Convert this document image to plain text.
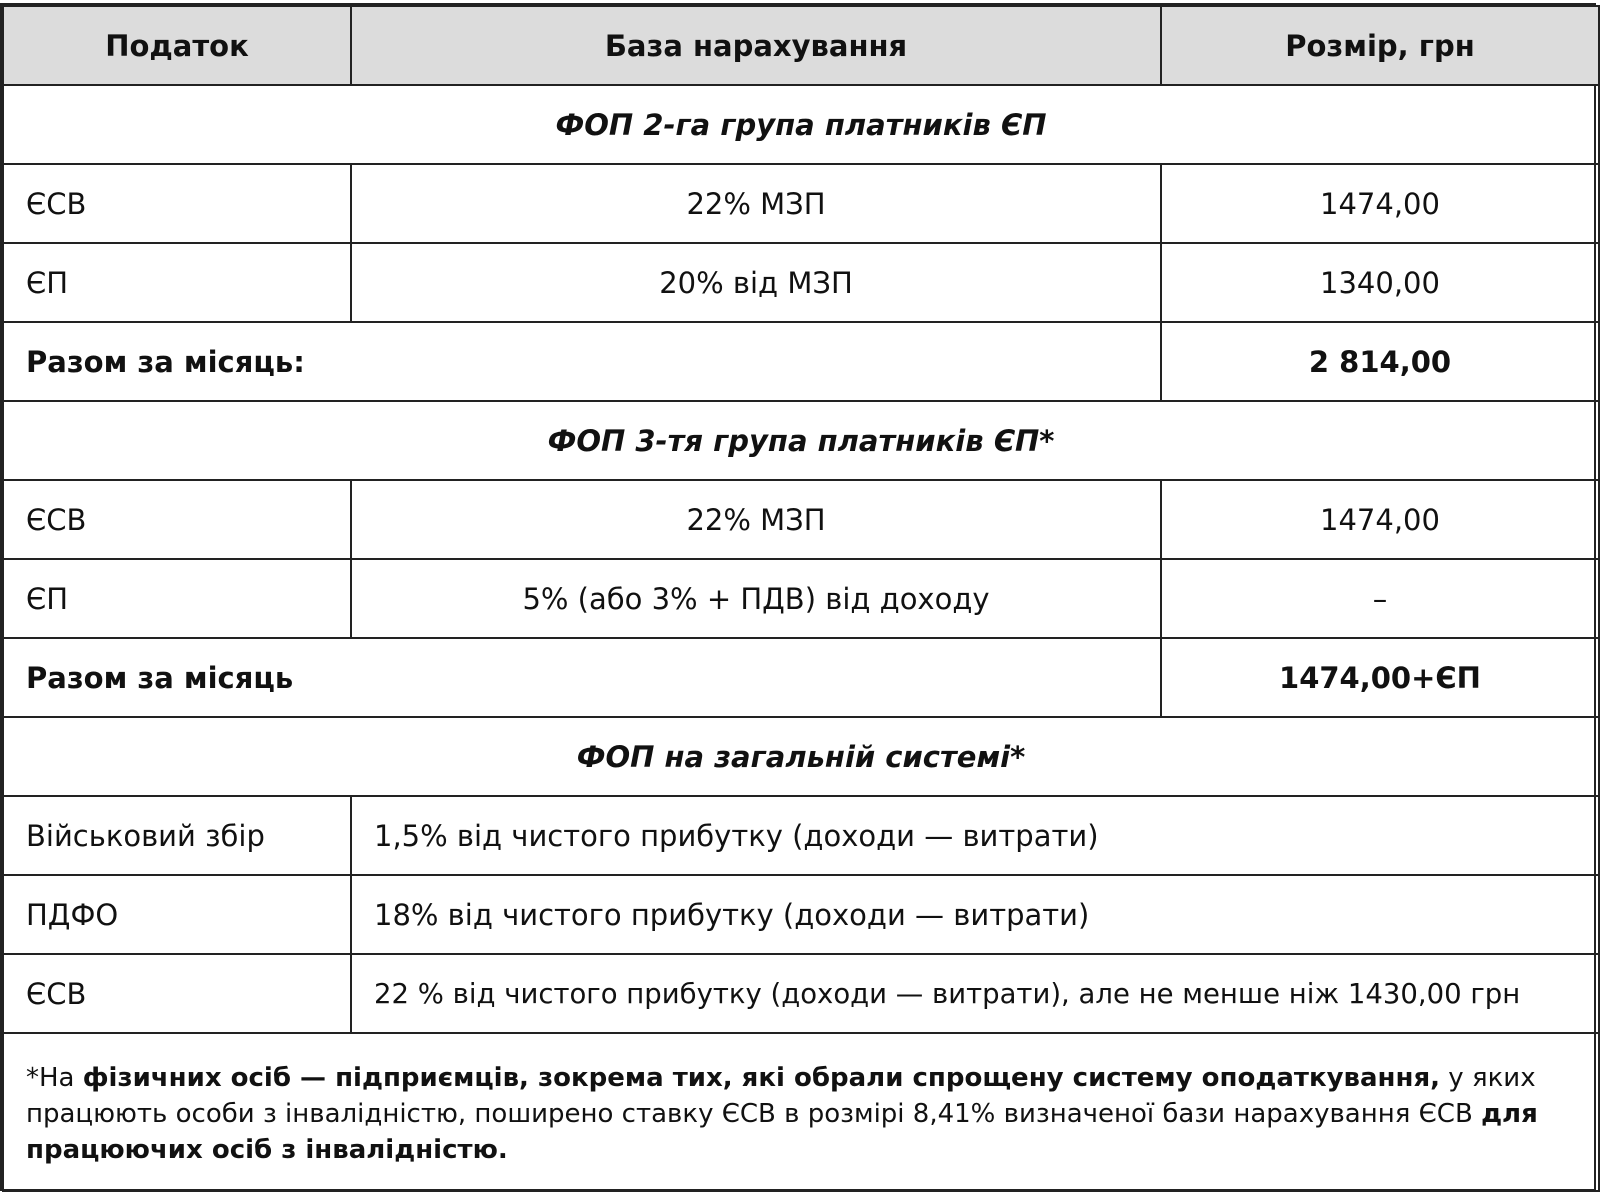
Податок	База нарахування	Розмір, грн
ФОП 2-га група платників ЄП		
ЄСВ	22% МЗП	1474,00
ЄП	20% від МЗП	1340,00
Разом за місяць:		2 814,00
ФОП 3-тя група платників ЄП*		
ЄСВ	22% МЗП	1474,00
ЄП	5% (або 3% + ПДВ) від доходу	–
Разом за місяць		1474,00+ЄП
ФОП на загальній системі*		
Військовий збір	1,5% від чистого прибутку (доходи — витрати)	
ПДФО	18% від чистого прибутку (доходи — витрати)	
ЄСВ	22 % від чистого прибутку (доходи — витрати), але не менше ніж 1430,00 грн	
*На фізичних осіб — підприємців, зокрема тих, які обрали спрощену систему оподаткування, у яких працюють особи з інвалідністю, поширено ставку ЄСВ в розмірі 8,41% визначеної бази нарахування ЄСВ для працюючих осіб з інвалідністю.		
